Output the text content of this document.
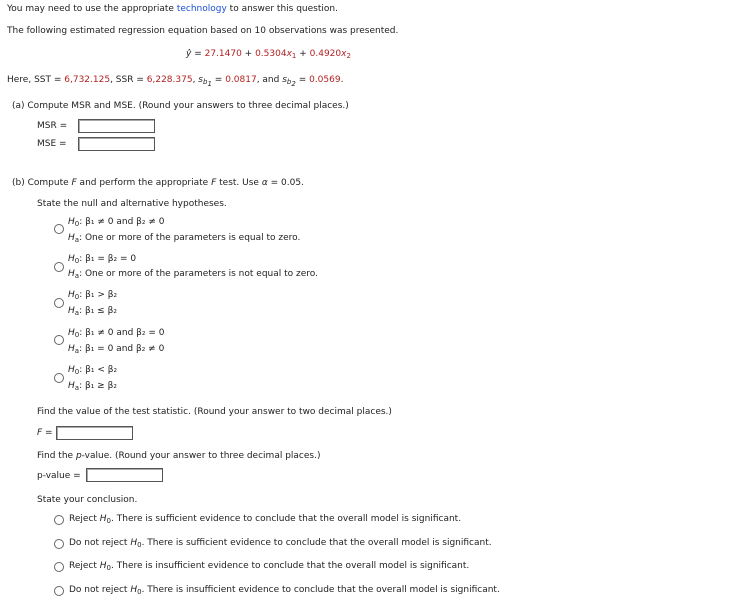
You may need to use the appropriate technology to answer this question.
The following estimated regression equation based on 10 observations was presented.
ŷ = $27.1470 + 0.5304x_1 + 0.4920x_2$
Here, SST = 6,732.125, SSR = 6,228.375, $s_{b_1} = 0.0817$, and $s_{b_2} = 0.0569$.
(a) Compute MSR and MSE. (Round your answers to three decimal places.)
MSR =
MSE =
(b) Compute F and perform the appropriate F test. Use α = 0.05.
State the null and alternative hypotheses.
$H_0$: β₁ ≠ 0 and β₂ ≠ 0
$H_a$: One or more of the parameters is equal to zero.
$H_0$: β₁ = β₂ = 0
$H_a$: One or more of the parameters is not equal to zero.
$H_0$: β₁ > β₂
$H_a$: β₁ ≤ β₂
$H_0$: β₁ ≠ 0 and β₂ = 0
$H_a$: β₁ = 0 and β₂ ≠ 0
$H_0$: β₁ < β₂
$H_a$: β₁ ≥ β₂
Find the value of the test statistic. (Round your answer to two decimal places.)
F =
Find the p-value. (Round your answer to three decimal places.)
p-value =
State your conclusion.
Reject $H_0$. There is sufficient evidence to conclude that the overall model is significant.
Do not reject $H_0$. There is sufficient evidence to conclude that the overall model is significant.
Reject $H_0$. There is insufficient evidence to conclude that the overall model is significant.
Do not reject $H_0$. There is insufficient evidence to conclude that the overall model is significant.
